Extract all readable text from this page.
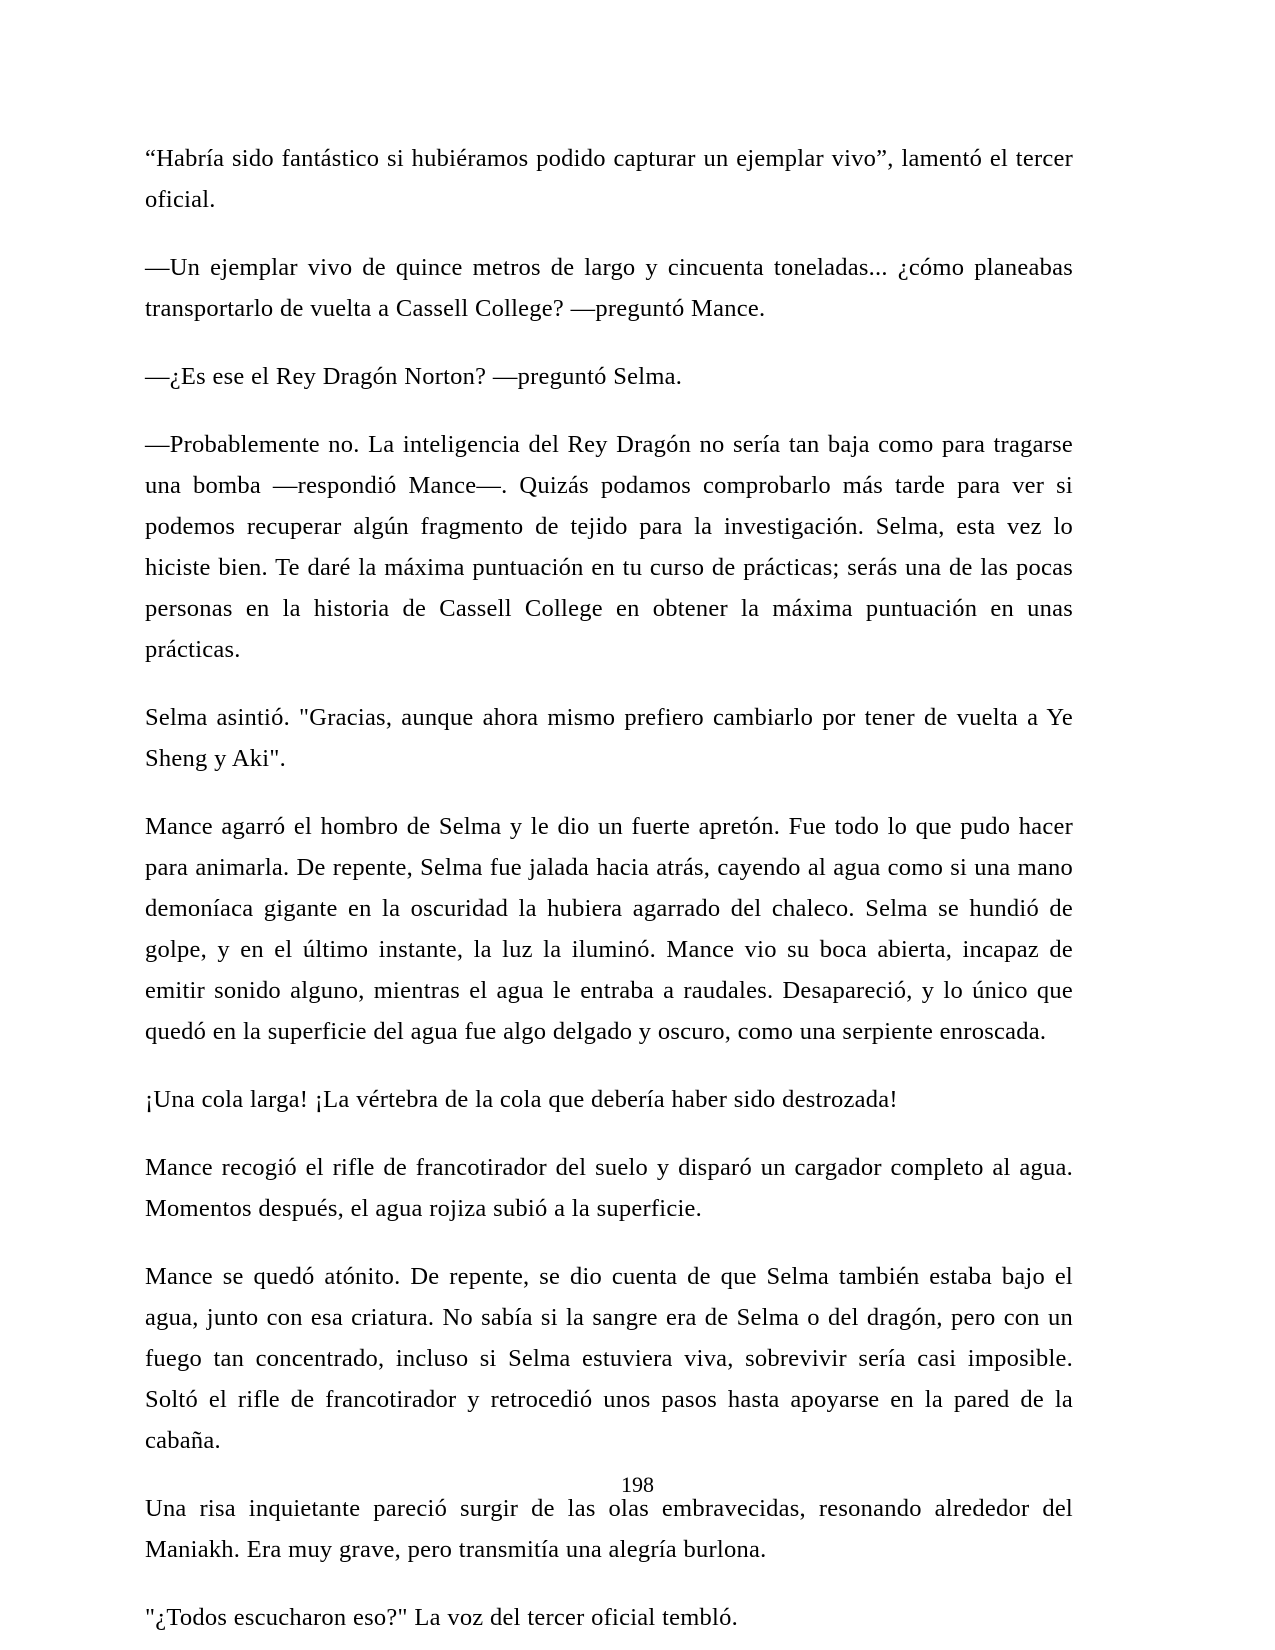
“Habría sido fantástico si hubiéramos podido capturar un ejemplar vivo”, lamentó el tercer oficial.

—Un ejemplar vivo de quince metros de largo y cincuenta toneladas... ¿cómo planeabas transportarlo de vuelta a Cassell College? —preguntó Mance.

—¿Es ese el Rey Dragón Norton? —preguntó Selma.

—Probablemente no. La inteligencia del Rey Dragón no sería tan baja como para tragarse una bomba —respondió Mance—. Quizás podamos comprobarlo más tarde para ver si podemos recuperar algún fragmento de tejido para la investigación. Selma, esta vez lo hiciste bien. Te daré la máxima puntuación en tu curso de prácticas; serás una de las pocas personas en la historia de Cassell College en obtener la máxima puntuación en unas prácticas.

Selma asintió. "Gracias, aunque ahora mismo prefiero cambiarlo por tener de vuelta a Ye Sheng y Aki".

Mance agarró el hombro de Selma y le dio un fuerte apretón. Fue todo lo que pudo hacer para animarla. De repente, Selma fue jalada hacia atrás, cayendo al agua como si una mano demoníaca gigante en la oscuridad la hubiera agarrado del chaleco. Selma se hundió de golpe, y en el último instante, la luz la iluminó. Mance vio su boca abierta, incapaz de emitir sonido alguno, mientras el agua le entraba a raudales. Desapareció, y lo único que quedó en la superficie del agua fue algo delgado y oscuro, como una serpiente enroscada.

¡Una cola larga! ¡La vértebra de la cola que debería haber sido destrozada!

Mance recogió el rifle de francotirador del suelo y disparó un cargador completo al agua. Momentos después, el agua rojiza subió a la superficie.

Mance se quedó atónito. De repente, se dio cuenta de que Selma también estaba bajo el agua, junto con esa criatura. No sabía si la sangre era de Selma o del dragón, pero con un fuego tan concentrado, incluso si Selma estuviera viva, sobrevivir sería casi imposible. Soltó el rifle de francotirador y retrocedió unos pasos hasta apoyarse en la pared de la cabaña.

Una risa inquietante pareció surgir de las olas embravecidas, resonando alrededor del Maniakh. Era muy grave, pero transmitía una alegría burlona.

"¿Todos escucharon eso?" La voz del tercer oficial tembló.

198
